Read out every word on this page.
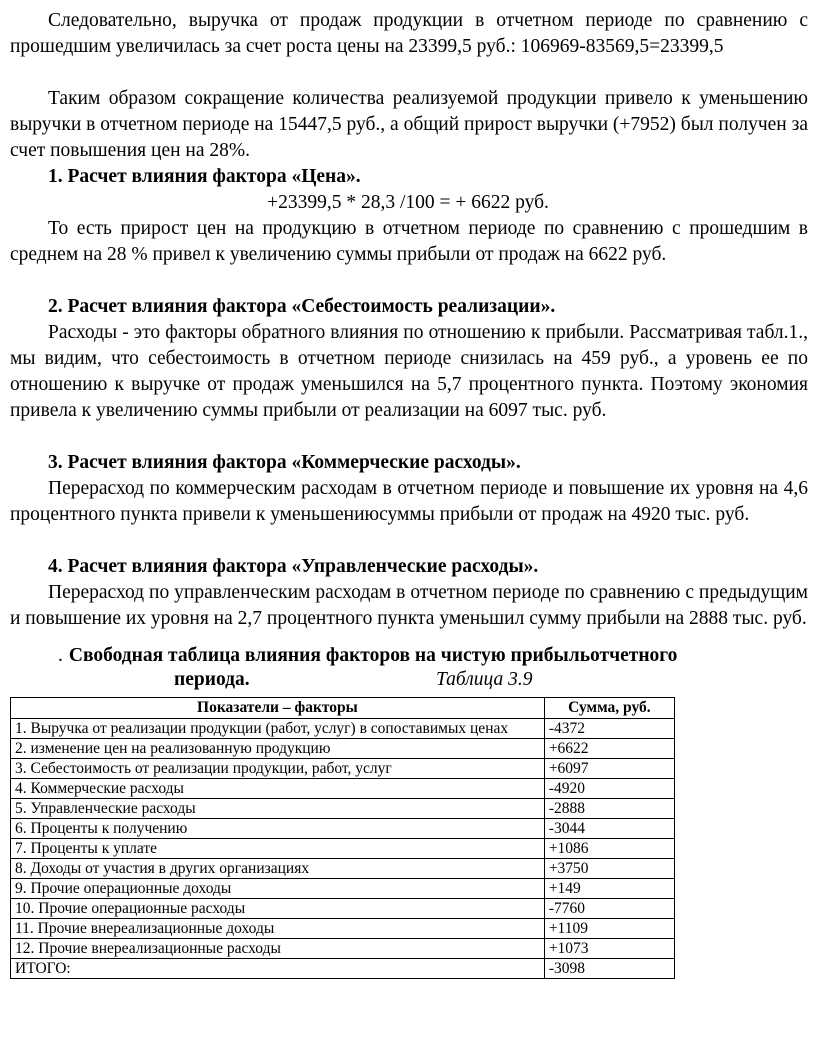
Следовательно, выручка от продаж продукции в отчетном периоде по сравнению с прошедшим увеличилась за счет роста цены на 23399,5 руб.: 106969-83569,5=23399,5

Таким образом сокращение количества реализуемой продукции привело к уменьшению выручки в отчетном периоде на 15447,5 руб., а общий прирост выручки (+7952) был получен за счет повышения цен на 28%.

1. Расчет влияния фактора «Цена».

+23399,5 * 28,3 /100 = + 6622 руб.

То есть прирост цен на продукцию в отчетном периоде по сравнению с прошедшим в среднем на 28 % привел к увеличению суммы прибыли от продаж на 6622 руб.

2. Расчет влияния фактора «Себестоимость реализации».

Расходы - это факторы обратного влияния по отношению к прибыли. Рассматривая табл.1., мы видим, что себестоимость в отчетном периоде снизилась на 459 руб., а уровень ее по отношению к выручке от продаж уменьшился на 5,7 процентного пункта. Поэтому экономия привела к увеличению суммы прибыли от реализации на 6097 тыс. руб.

3. Расчет влияния фактора «Коммерческие расходы».

Перерасход по коммерческим расходам в отчетном периоде и повышение их уровня на 4,6 процентного пункта привели к уменьшениюсуммы прибыли от продаж на 4920 тыс. руб.

4. Расчет влияния фактора «Управленческие расходы».

Перерасход по управленческим расходам в отчетном периоде по сравнению с предыдущим и повышение их уровня на 2,7 процентного пункта уменьшил сумму прибыли на 2888 тыс. руб.

. Свободная таблица влияния факторов на чистую прибыльотчетного

периода.	Таблица 3.9

Показатели – факторы	Сумма, руб.
1. Выручка от реализации продукции (работ, услуг) в сопоставимых ценах	-4372
2. изменение цен на реализованную продукцию	+6622
3. Себестоимость от реализации продукции, работ, услуг	+6097
4. Коммерческие расходы	-4920
5. Управленческие расходы	-2888
6. Проценты к получению	-3044
7. Проценты к уплате	+1086
8. Доходы от участия в других организациях	+3750
9. Прочие операционные доходы	+149
10. Прочие операционные расходы	-7760
11. Прочие внереализационные доходы	+1109
12. Прочие внереализационные расходы	+1073
ИТОГО:	-3098
